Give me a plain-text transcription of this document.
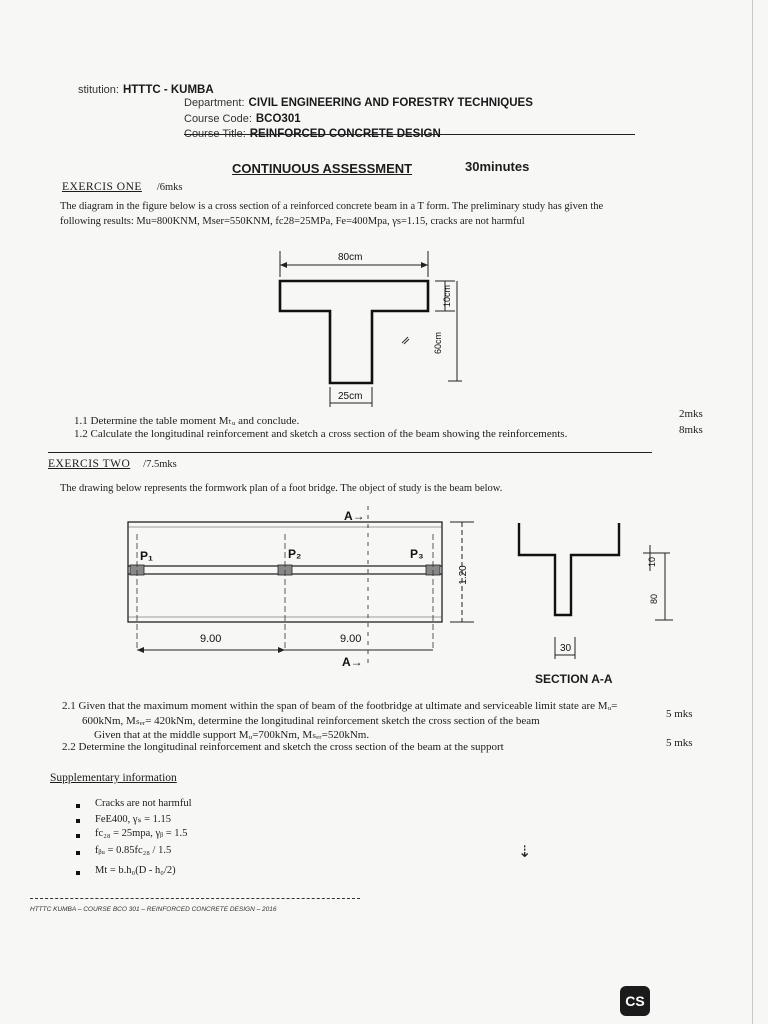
stitution: HTTTC - KUMBA
Department: CIVIL ENGINEERING AND FORESTRY TECHNIQUES
Course Code: BCO301
Course Title: REINFORCED CONCRETE DESIGN
CONTINUOUS ASSESSMENT	30minutes
EXERCIS ONE /6mks
The diagram in the figure below is a cross section of a reinforced concrete beam in a T form. The preliminary study has given the
following results: Mu=800KNM, Mser=550KNM, fc28=25MPa, Fe=400Mpa, γs=1.15, cracks are not harmful
80cm
10cm
60cm
25cm
1.1 Determine the table moment Mₜᵤ and conclude.
2mks
1.2 Calculate the longitudinal reinforcement and sketch a cross section of the beam showing the reinforcements.	8mks
EXERCIS TWO /7.5mks
The drawing below represents the formwork plan of a foot bridge. The object of study is the beam below.
A→
A→
P₁	P₂	P₃
9.00	9.00
1.20
10
80
30
SECTION A-A
2.1 Given that the maximum moment within the span of beam of the footbridge at ultimate and serviceable limit state are Mᵤ=
600kNm, Mₛₑᵣ= 420kNm, determine the longitudinal reinforcement sketch the cross section of the beam
5 mks
Given that at the middle support Mᵤ=700kNm, Mₛₑᵣ=520kNm.
2.2 Determine the longitudinal reinforcement and sketch the cross section of the beam at the support	5 mks
Supplementary information
Cracks are not harmful
FeE400, γₛ = 1.15
fc₂₈ = 25mpa, γᵦ = 1.5
fᵦᵤ = 0.85fc₂₈ / 1.5
Mt = b.h₀(D - h₀/2)
⇣
HTTTC KUMBA – COURSE BCO 301 – REINFORCED CONCRETE DESIGN – 2016
CS
